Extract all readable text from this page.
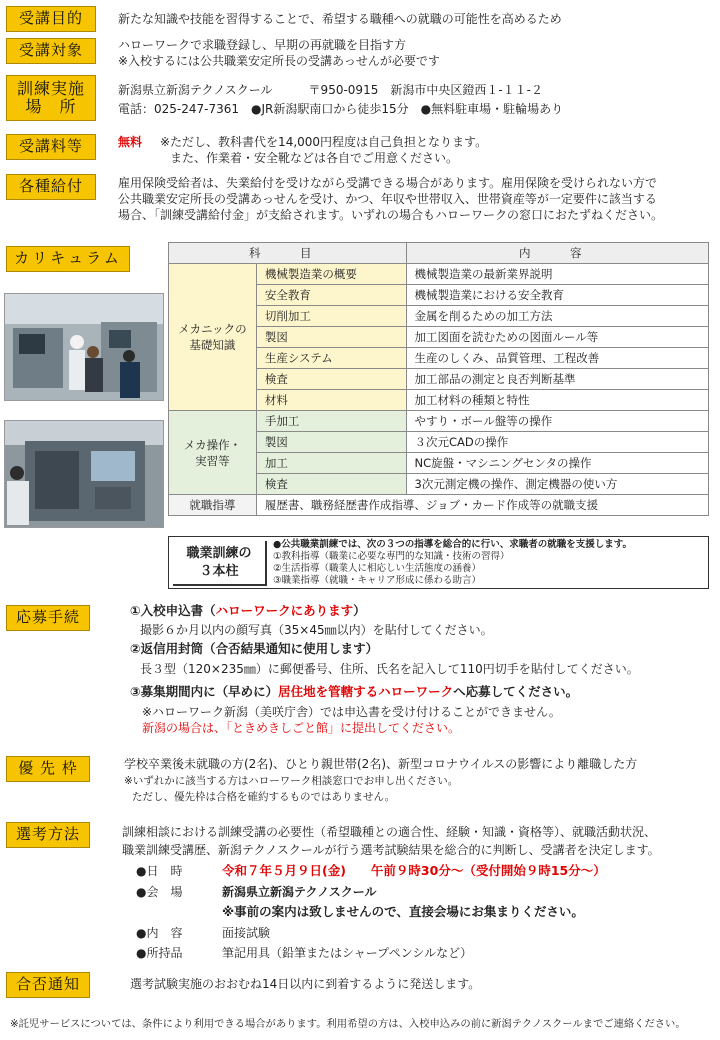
受講目的	新たな知識や技能を習得することで、希望する職種への就職の可能性を高めるため
受講対象	ハローワークで求職登録し、早期の再就職を目指す方
※入校するには公共職業安定所長の受講あっせんが必要です
訓練実施
場　所
新潟県立新潟テクノスクール　　　〒950-0915　新潟市中央区鐙西１-１１-２
電話：025-247-7361　●JR新潟駅南口から徒歩15分　●無料駐車場・駐輪場あり
受講料等	無料 ※ただし、教科書代を14,000円程度は自己負担となります。
また、作業着・安全靴などは各自でご用意ください。
各種給付	雇用保険受給者は、失業給付を受けながら受講できる場合があります。雇用保険を受けられない方で
公共職業安定所長の受講あっせんを受け、かつ、年収や世帯収入、世帯資産等が一定要件に該当する
場合、「訓練受講給付金」が支給されます。いずれの場合もハローワークの窓口におたずねください。
カリキュラム	科　目		内　容

メカニックの
基礎知識	機械製造業の概要	機械製造業の最新業界説明
	安全教育	機械製造業における安全教育
	切削加工	金属を削るための加工方法
	製図	加工図面を読むための図面ルール等
	生産システム	生産のしくみ、品質管理、工程改善
	検査	加工部品の測定と良否判断基準
	材料	加工材料の種類と特性

メカ操作・
実習等	手加工	やすり・ボール盤等の操作
	製図	３次元CADの操作
	加工	NC旋盤・マシニングセンタの操作
	検査	3次元測定機の操作、測定機器の使い方
就職指導	履歴書、職務経歴書作成指導、ジョブ・カード作成等の就職支援	
職業訓練の
３本柱
●公共職業訓練では、次の３つの指導を総合的に行い、求職者の就職を支援します。
①教科指導（職業に必要な専門的な知識・技術の習得）
②生活指導（職業人に相応しい生活態度の涵養）
③職業指導（就職・キャリア形成に係わる助言）
応募手続	①入校申込書（ハローワークにあります）
撮影６か月以内の顔写真（35×45㎜以内）を貼付してください。
②返信用封筒（合否結果通知に使用します）
長３型（120×235㎜）に郵便番号、住所、氏名を記入して110円切手を貼付してください。
③募集期間内に（早めに）居住地を管轄するハローワークへ応募してください。
※ハローワーク新潟（美咲庁舎）では申込書を受け付けることができません。
新潟の場合は、「ときめきしごと館」に提出してください。
優 先 枠	学校卒業後未就職の方(2名)、ひとり親世帯(2名)、新型コロナウイルスの影響により離職した方
※いずれかに該当する方はハローワーク相談窓口でお申し出ください。
ただし、優先枠は合格を確約するものではありません。
選考方法	訓練相談における訓練受講の必要性（希望職種との適合性、経験・知識・資格等）、就職活動状況、
職業訓練受講歴、新潟テクノスクールが行う選考試験結果を総合的に判断し、受講者を決定します。
●日　時	令和７年５月９日(金)　　午前９時30分～（受付開始９時15分～）
●会　場	新潟県立新潟テクノスクール
※事前の案内は致しませんので、直接会場にお集まりください。
●内　容	面接試験
●所持品	筆記用具（鉛筆またはシャープペンシルなど）
合否通知	選考試験実施のおおむね14日以内に到着するように発送します。
※託児サービスについては、条件により利用できる場合があります。利用希望の方は、入校申込みの前に新潟テクノスクールまでご連絡ください。
